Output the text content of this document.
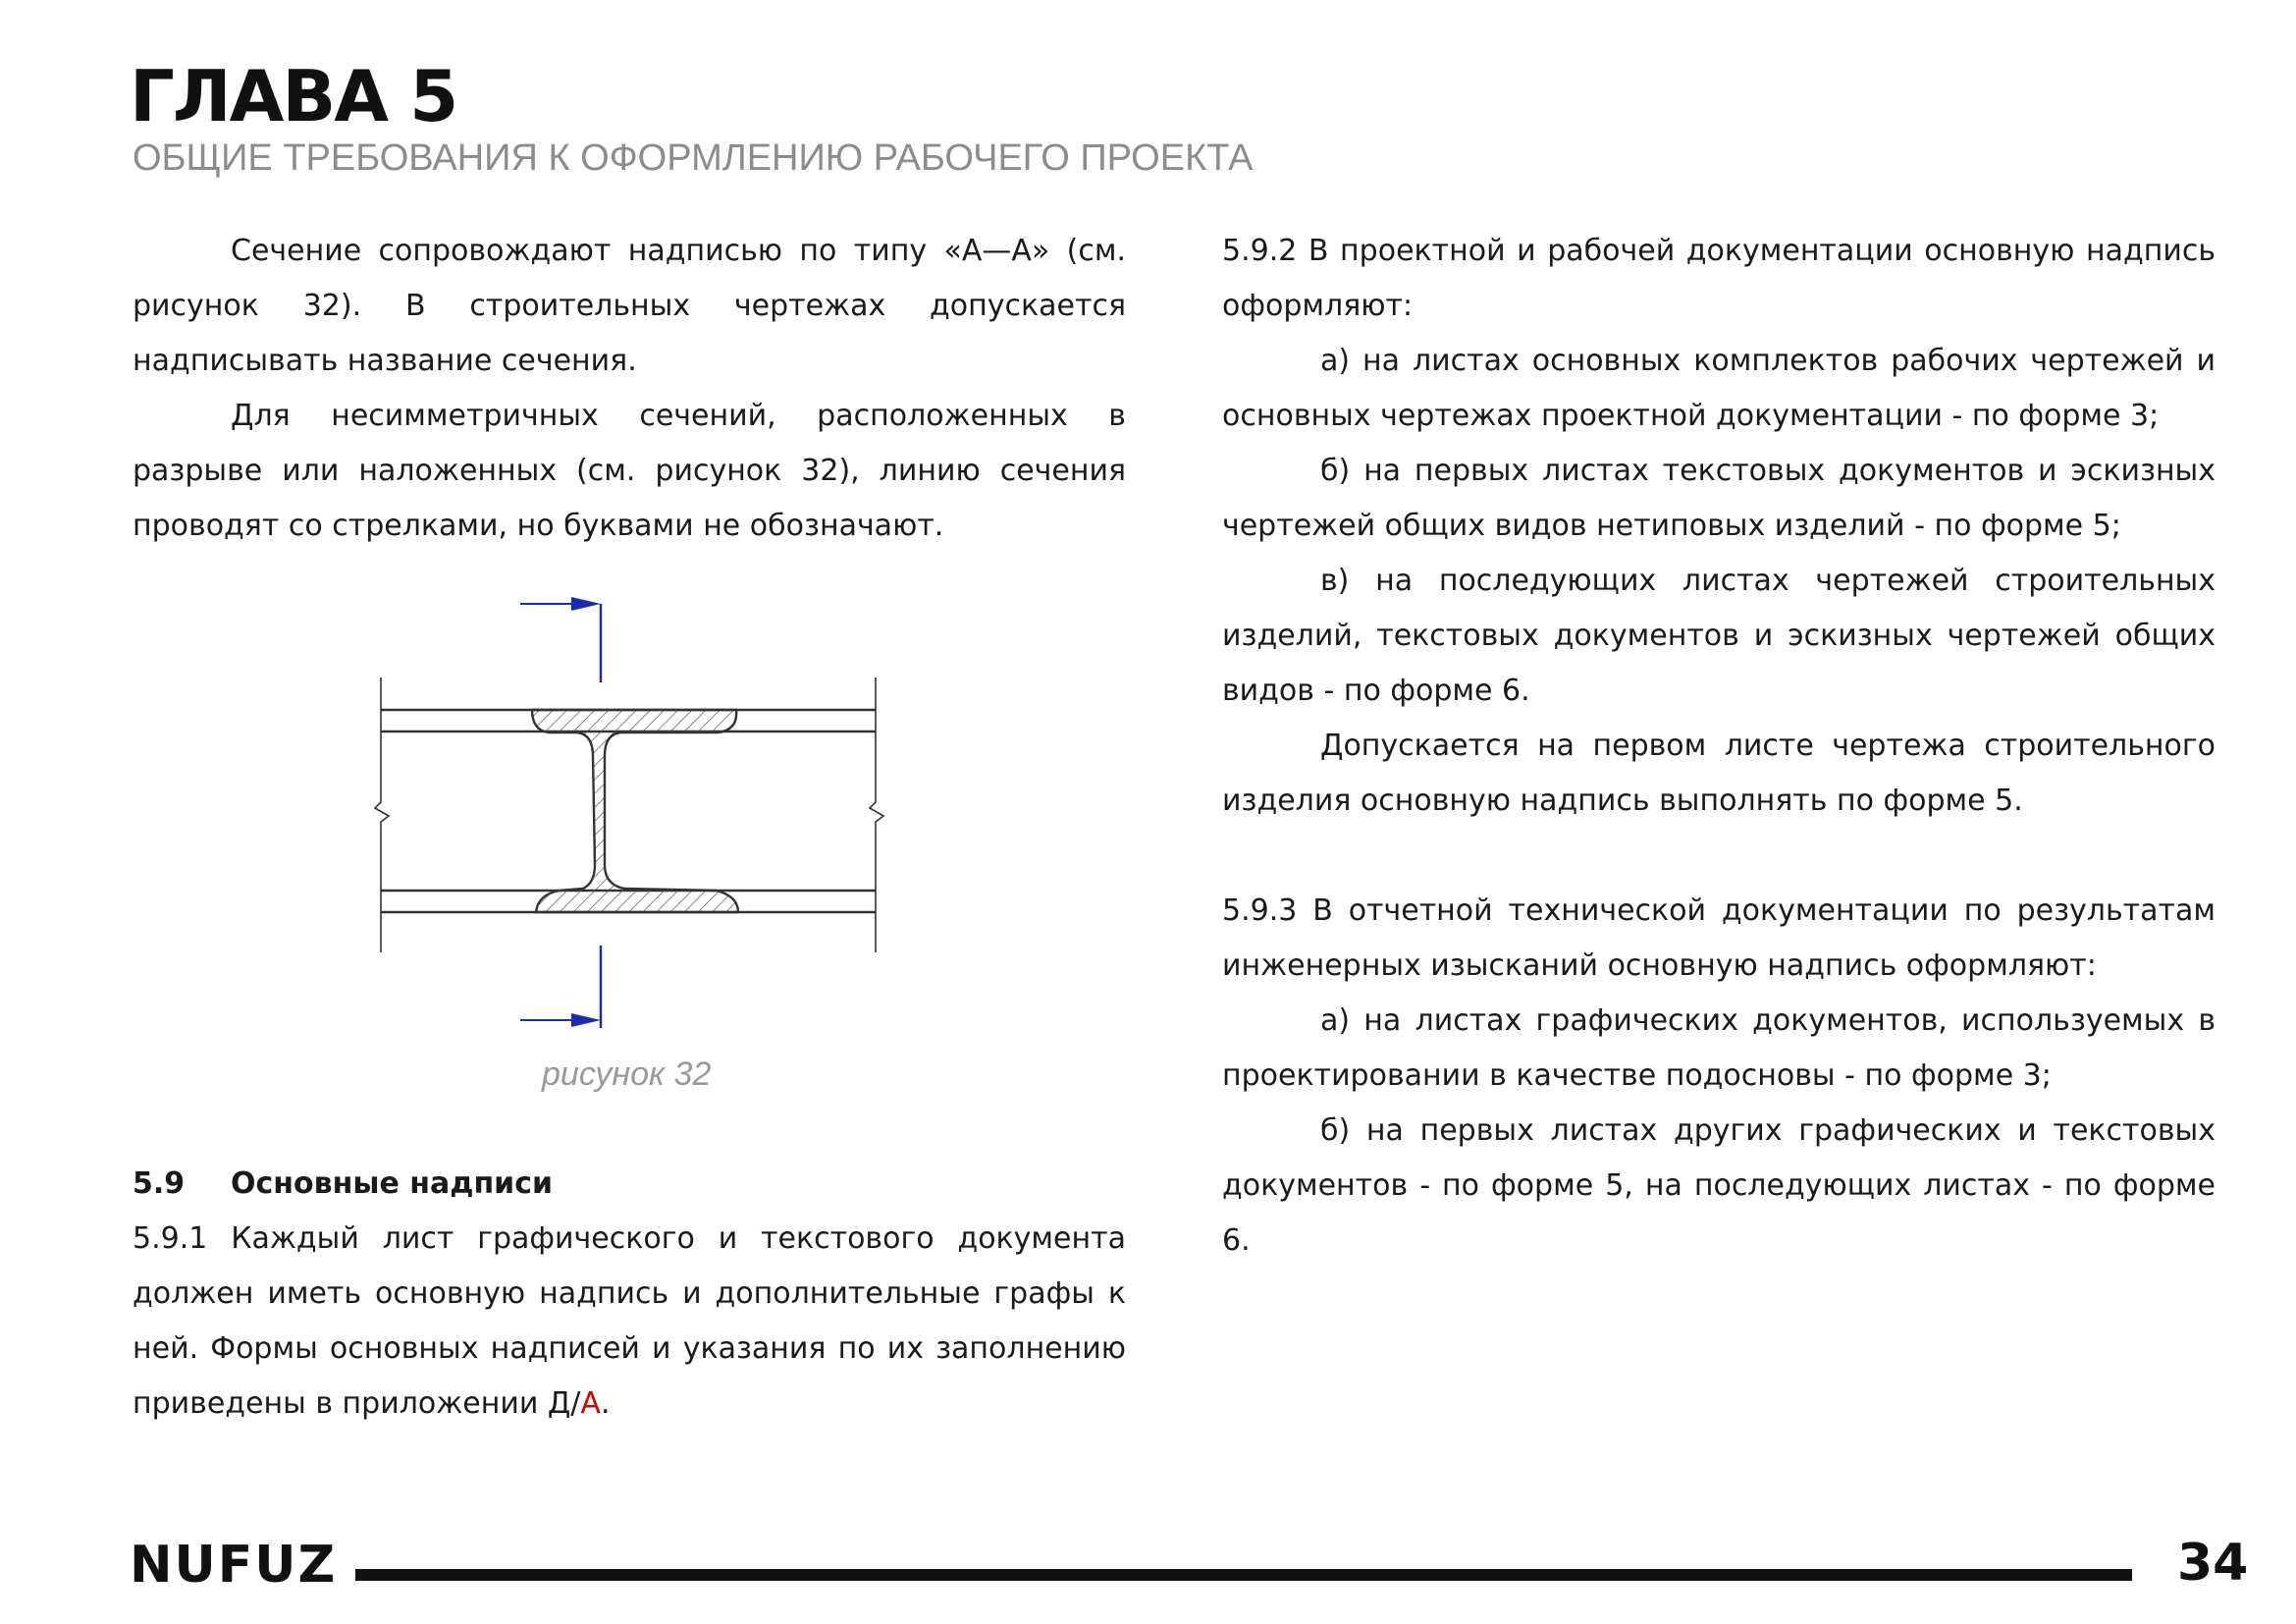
ГЛАВА 5
ОБЩИЕ ТРЕБОВАНИЯ К ОФОРМЛЕНИЮ РАБОЧЕГО ПРОЕКТА

Сечение сопровождают надписью по типу «А—А» (см. рисунок 32). В строительных чертежах допускается надписывать название сечения.

Для несимметричных сечений, расположенных в разрыве или наложенных (см. рисунок 32), линию сечения проводят со стрелками, но буквами не обозначают.

рисунок 32
5.9	Основные надписи

5.9.1 Каждый лист графического и текстового документа должен иметь основную надпись и дополнительные графы к ней. Формы основных надписей и указания по их заполнению приведены в приложении Д/А.

5.9.2 В проектной и рабочей документации основную надпись оформляют:

а) на листах основных комплектов рабочих чертежей и основных чертежах проектной документации - по форме 3;

б) на первых листах текстовых документов и эскизных чертежей общих видов нетиповых изделий - по форме 5;

в) на последующих листах чертежей строительных изделий, текстовых документов и эскизных чертежей общих видов - по форме 6.

Допускается на первом листе чертежа строительного изделия основную надпись выполнять по форме 5.

5.9.3 В отчетной технической документации по результатам инженерных изысканий основную надпись оформляют:

а) на листах графических документов, используемых в проектировании в качестве подосновы - по форме 3;

б) на первых листах других графических и текстовых документов - по форме 5, на последующих листах - по форме 6.

NUFUZ	34
